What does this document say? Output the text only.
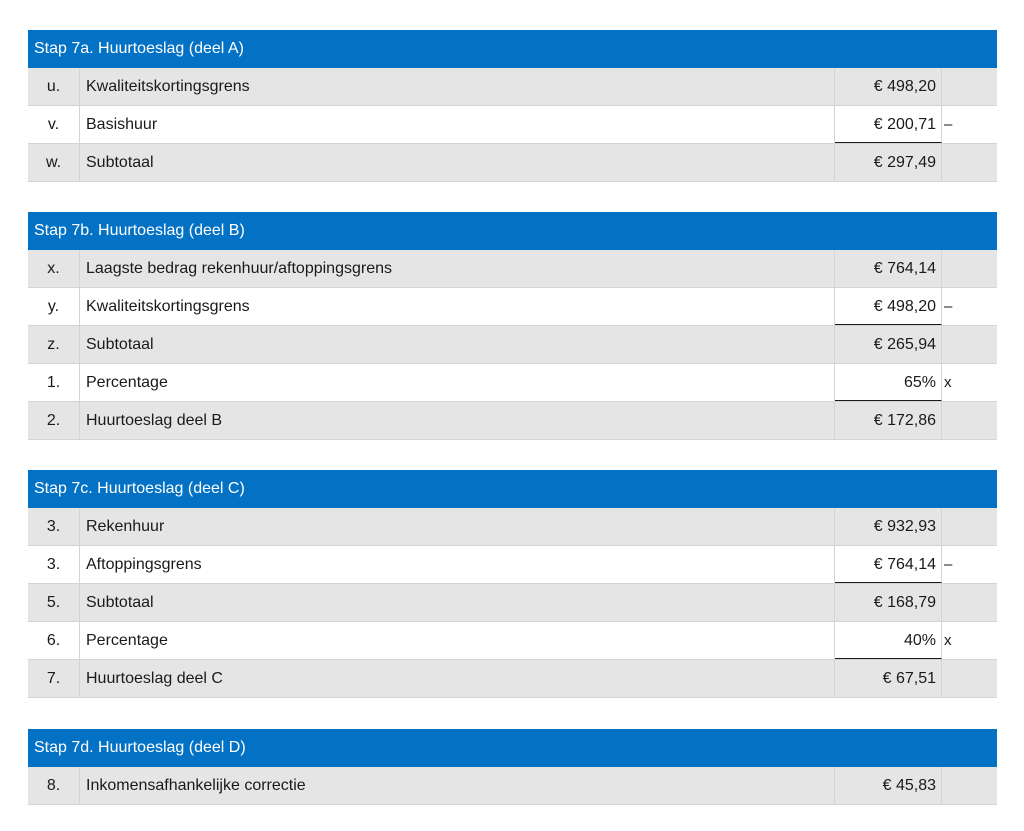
Stap 7a. Huurtoeslag (deel A)
u.	Kwaliteitskortingsgrens	€ 498,20
v.	Basishuur	€ 200,71 –
w.	Subtotaal	€ 297,49
Stap 7b. Huurtoeslag (deel B)
x.	Laagste bedrag rekenhuur/aftoppingsgrens	€ 764,14
y.	Kwaliteitskortingsgrens	€ 498,20 –
z.	Subtotaal	€ 265,94
1.	Percentage	65% x
2.	Huurtoeslag deel B	€ 172,86
Stap 7c. Huurtoeslag (deel C)
3.	Rekenhuur	€ 932,93
3.	Aftoppingsgrens	€ 764,14 –
5.	Subtotaal	€ 168,79
6.	Percentage	40% x
7.	Huurtoeslag deel C	€ 67,51
Stap 7d. Huurtoeslag (deel D)
8.	Inkomensafhankelijke correctie	€ 45,83
